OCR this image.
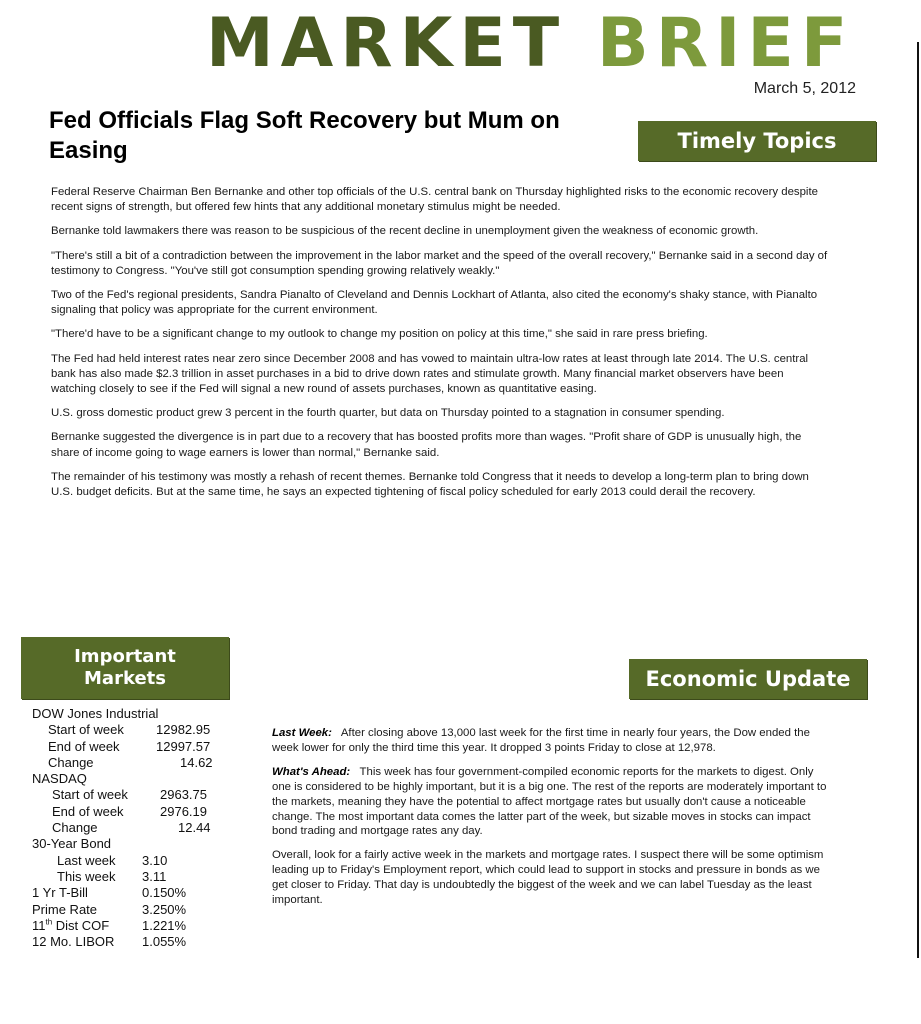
MARKET BRIEF
March 5, 2012
Fed Officials Flag Soft Recovery but Mum on Easing	Timely Topics

Federal Reserve Chairman Ben Bernanke and other top officials of the U.S. central bank on Thursday highlighted risks to the economic recovery despite recent signs of strength, but offered few hints that any additional monetary stimulus might be needed.

Bernanke told lawmakers there was reason to be suspicious of the recent decline in unemployment given the weakness of economic growth.

"There's still a bit of a contradiction between the improvement in the labor market and the speed of the overall recovery," Bernanke said in a second day of testimony to Congress. "You've still got consumption spending growing relatively weakly."

Two of the Fed's regional presidents, Sandra Pianalto of Cleveland and Dennis Lockhart of Atlanta, also cited the economy's shaky stance, with Pianalto signaling that policy was appropriate for the current environment.

"There'd have to be a significant change to my outlook to change my position on policy at this time," she said in rare press briefing.

The Fed had held interest rates near zero since December 2008 and has vowed to maintain ultra-low rates at least through late 2014. The U.S. central bank has also made $2.3 trillion in asset purchases in a bid to drive down rates and stimulate growth. Many financial market observers have been watching closely to see if the Fed will signal a new round of assets purchases, known as quantitative easing.

U.S. gross domestic product grew 3 percent in the fourth quarter, but data on Thursday pointed to a stagnation in consumer spending.

Bernanke suggested the divergence is in part due to a recovery that has boosted profits more than wages. "Profit share of GDP is unusually high, the share of income going to wage earners is lower than normal," Bernanke said.

The remainder of his testimony was mostly a rehash of recent themes. Bernanke told Congress that it needs to develop a long-term plan to bring down U.S. budget deficits. But at the same time, he says an expected tightening of fiscal policy scheduled for early 2013 could derail the recovery.

Important
Markets	Economic Update
DOW Jones Industrial
Start of week 12982.95
End of week	12997.57
Change	14.62
NASDAQ
Start of week 2963.75
End of week	2976.19
Change	12.44
30-Year Bond
Last week 3.10
This week 3.11
1 Yr T-Bill	0.150%
Prime Rate	3.250%
11th Dist COF	1.221%
12 Mo. LIBOR 1.055%

Last Week: After closing above 13,000 last week for the first time in nearly four years, the Dow ended the week lower for only the third time this year. It dropped 3 points Friday to close at 12,978.

What's Ahead: This week has four government-compiled economic reports for the markets to digest. Only one is considered to be highly important, but it is a big one. The rest of the reports are moderately important to the markets, meaning they have the potential to affect mortgage rates but usually don't cause a noticeable change. The most important data comes the latter part of the week, but sizable moves in stocks can impact bond trading and mortgage rates any day.

Overall, look for a fairly active week in the markets and mortgage rates. I suspect there will be some optimism leading up to Friday's Employment report, which could lead to support in stocks and pressure in bonds as we get closer to Friday. That day is undoubtedly the biggest of the week and we can label Tuesday as the least important.
